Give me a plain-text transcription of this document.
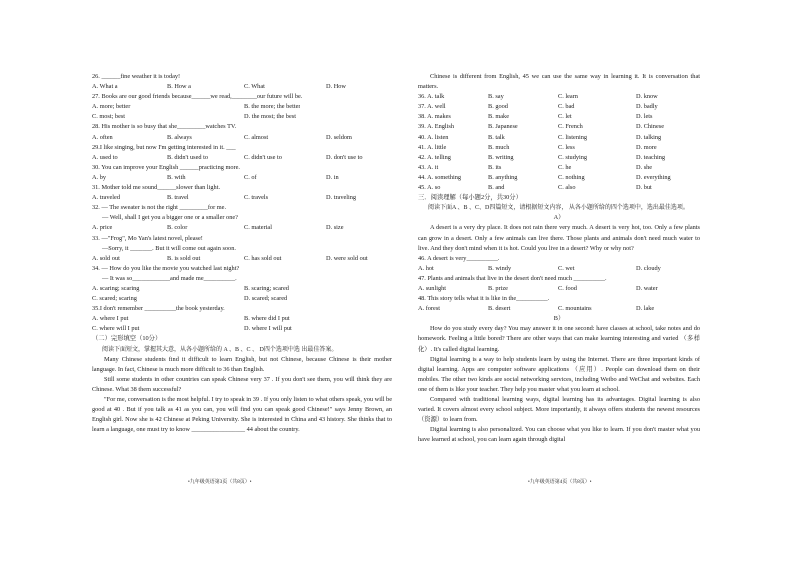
26. ______fine weather it is today!
A. What a	B. How a	C. What	D. How
27. Books are our good friends because______we read,________our future will be.
A. more; better	B. the more; the better
C. most; best	D. the most; the best
28. His mother is so busy that she_________watches TV.
A. often	B. always	C. almost	D. seldom
29.I like singing, but now I'm getting interested in it. ___
A. used to	B. didn't used to	C. didn't use to	D. don't use to
30. You can improve your English ______practicing more.
A. by	B. with	C. of	D. in
31. Mother told me sound______slower than light.
A. traveled	B. travel	C. travels	D. traveling
32. — The sweater is not the right _________for me.
— Well, shall I get you a bigger one or a smaller one?
A. price	B. color	C. material	D. size
33. —"Frog", Mo Yan's latest novel, please!
—Sorry, it _______. But it will come out again soon.
A. sold out	B. is sold out	C. has sold out	D. were sold out
34. — How do you like the movie you watched last night?
— It was so____________and made me__________.
A. scaring; scaring	B. scaring; scared
C. scared; scaring	D. scared; scared
35.I don't remember __________the book yesterday.
A. where I put	B. where did I put
C. where will I put	D. where I will put
（二）完形填空（10分）
阅读下面短文，掌握其大意，从各小题所给的 A 、B 、C 、 D四个选项中选 出最佳答案。
Many Chinese students find it difficult to learn English, but not Chinese, because Chinese is their mother language. In fact, Chinese is much more difficult to 36 than English.
Still some students in other countries can speak Chinese very 37 . If you don't see them, you will think they are Chinese. What 38 them successful?
"For me, conversation is the most helpful. I try to speak in 39 . If you only listen to what others speak, you will be good at 40 . But if you talk as 41 as you can, you will find you can speak good Chinese!" says Jenny Brown, an English girl. Now she is 42 Chinese at Peking University. She is interested in China and 43 history. She thinks that to learn a language, one must try to know _________________ 44 about the country.
•九年级英语第3页（共8页）•
Chinese is different from English, 45 we can use the same way in learning it. It is conversation that matters.
36. A. talk	B. say	C. learn	D. know
37. A. well	B. good	C. bad	D. badly
38. A. makes	B. make	C. let	D. lets
39. A. English	B. Japanese	C. French	D. Chinese
40. A. listen	B. talk	C. listening	D. talking
41. A. little	B. much	C. less	D. more
42. A. telling	B. writing	C. studying	D. teaching
43. A. it	B. its	C. he	D. she
44. A. something	B. anything	C. nothing	D. everything
45. A. so	B. and	C. also	D. but
三．阅读理解（每小题2分，共30分）
阅读下面A 、B 、C、D四篇短文，请根据短文内容， 从各小题所给的四个选项中，选出最佳选项。
A）
A desert is a very dry place. It does not rain there very much. A desert is very hot, too. Only a few plants can grow in a desert. Only a few animals can live there. Those plants and animals don't need much water to live. And they don't mind when it is hot. Could you live in a desert? Why or why not?
46. A desert is very__________.
A. hot	B. windy	C. wet	D. cloudy
47. Plants and animals that live in the desert don't need much __________.
A. sunlight	B. prize	C. food	D. water
48. This story tells what it is like in the__________.
A. forest	B. desert	C. mountains	D. lake
B）
How do you study every day? You may answer it in one second: have classes at school, take notes and do homework. Feeling a little bored? There are other ways that can make learning interesting and varied （多样化）. It's called digital learning.
Digital learning is a way to help students learn by using the Internet. There are three important kinds of digital learning. Apps are computer software applications （应用）. People can download them on their mobiles. The other two kinds are social networking services, including Weibo and WeChat and websites. Each one of them is like your teacher. They help you master what you learn at school.
Compared with traditional learning ways, digital learning has its advantages. Digital learning is also varied. It covers almost every school subject. More importantly, it always offers students the newest resources （资源）to learn from.
Digital learning is also personalized. You can choose what you like to learn. If you don't master what you have learned at school, you can learn again through digital
•九年级英语第4页（共8页）•
